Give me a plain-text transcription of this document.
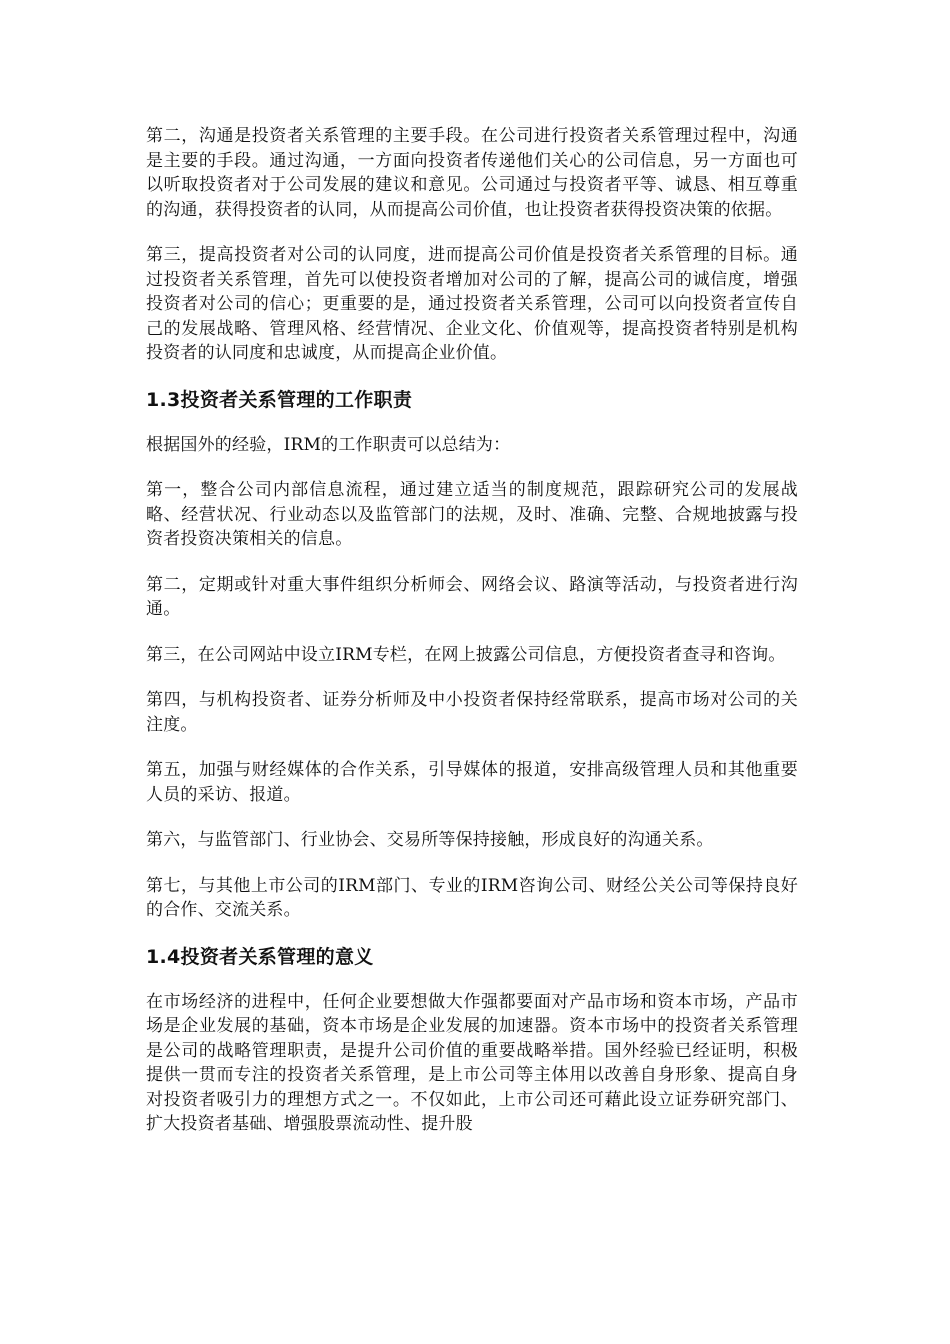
第二，沟通是投资者关系管理的主要手段。在公司进行投资者关系管理过程中，沟通是主要的手段。通过沟通，一方面向投资者传递他们关心的公司信息，另一方面也可以听取投资者对于公司发展的建议和意见。公司通过与投资者平等、诚恳、相互尊重的沟通，获得投资者的认同，从而提高公司价值，也让投资者获得投资决策的依据。

第三，提高投资者对公司的认同度，进而提高公司价值是投资者关系管理的目标。通过投资者关系管理，首先可以使投资者增加对公司的了解，提高公司的诚信度，增强投资者对公司的信心；更重要的是，通过投资者关系管理，公司可以向投资者宣传自己的发展战略、管理风格、经营情况、企业文化、价值观等，提高投资者特别是机构投资者的认同度和忠诚度，从而提高企业价值。

1.3投资者关系管理的工作职责

根据国外的经验，IRM的工作职责可以总结为：

第一，整合公司内部信息流程，通过建立适当的制度规范，跟踪研究公司的发展战略、经营状况、行业动态以及监管部门的法规，及时、准确、完整、合规地披露与投资者投资决策相关的信息。

第二，定期或针对重大事件组织分析师会、网络会议、路演等活动，与投资者进行沟通。

第三，在公司网站中设立IRM专栏，在网上披露公司信息，方便投资者查寻和咨询。

第四，与机构投资者、证券分析师及中小投资者保持经常联系，提高市场对公司的关注度。

第五，加强与财经媒体的合作关系，引导媒体的报道，安排高级管理人员和其他重要人员的采访、报道。

第六，与监管部门、行业协会、交易所等保持接触，形成良好的沟通关系。

第七，与其他上市公司的IRM部门、专业的IRM咨询公司、财经公关公司等保持良好的合作、交流关系。

1.4投资者关系管理的意义

在市场经济的进程中，任何企业要想做大作强都要面对产品市场和资本市场，产品市场是企业发展的基础，资本市场是企业发展的加速器。资本市场中的投资者关系管理是公司的战略管理职责，是提升公司价值的重要战略举措。国外经验已经证明，积极提供一贯而专注的投资者关系管理，是上市公司等主体用以改善自身形象、提高自身对投资者吸引力的理想方式之一。不仅如此，上市公司还可藉此设立证券研究部门、扩大投资者基础、增强股票流动性、提升股
